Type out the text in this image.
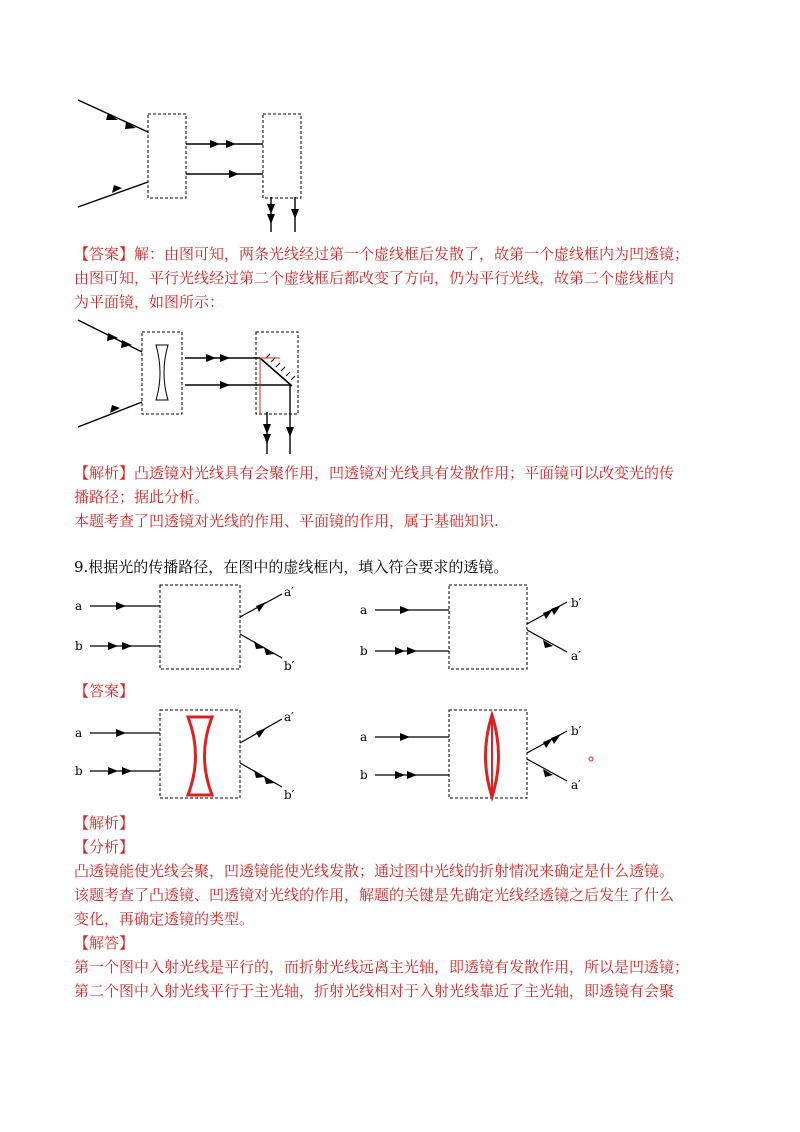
【答案】解：由图可知，两条光线经过第一个虚线框后发散了，故第一个虚线框内为凹透镜；
由图可知，平行光线经过第二个虚线框后都改变了方向，仍为平行光线，故第二个虚线框内
为平面镜，如图所示：
【解析】凸透镜对光线具有会聚作用，凹透镜对光线具有发散作用；平面镜可以改变光的传
播路径；据此分析。
本题考查了凹透镜对光线的作用、平面镜的作用，属于基础知识.
9.根据光的传播路径，在图中的虚线框内，填入符合要求的透镜。
a
b
a′
b′
a
b
b′
a′
【答案】
a
b
a′
b′
a
b
b′
a′
【解析】
【分析】
凸透镜能使光线会聚，凹透镜能使光线发散；通过图中光线的折射情况来确定是什么透镜。
该题考查了凸透镜、凹透镜对光线的作用，解题的关键是先确定光线经透镜之后发生了什么
变化，再确定透镜的类型。
【解答】
第一个图中入射光线是平行的，而折射光线远离主光轴，即透镜有发散作用，所以是凹透镜；
第二个图中入射光线平行于主光轴，折射光线相对于入射光线靠近了主光轴，即透镜有会聚
